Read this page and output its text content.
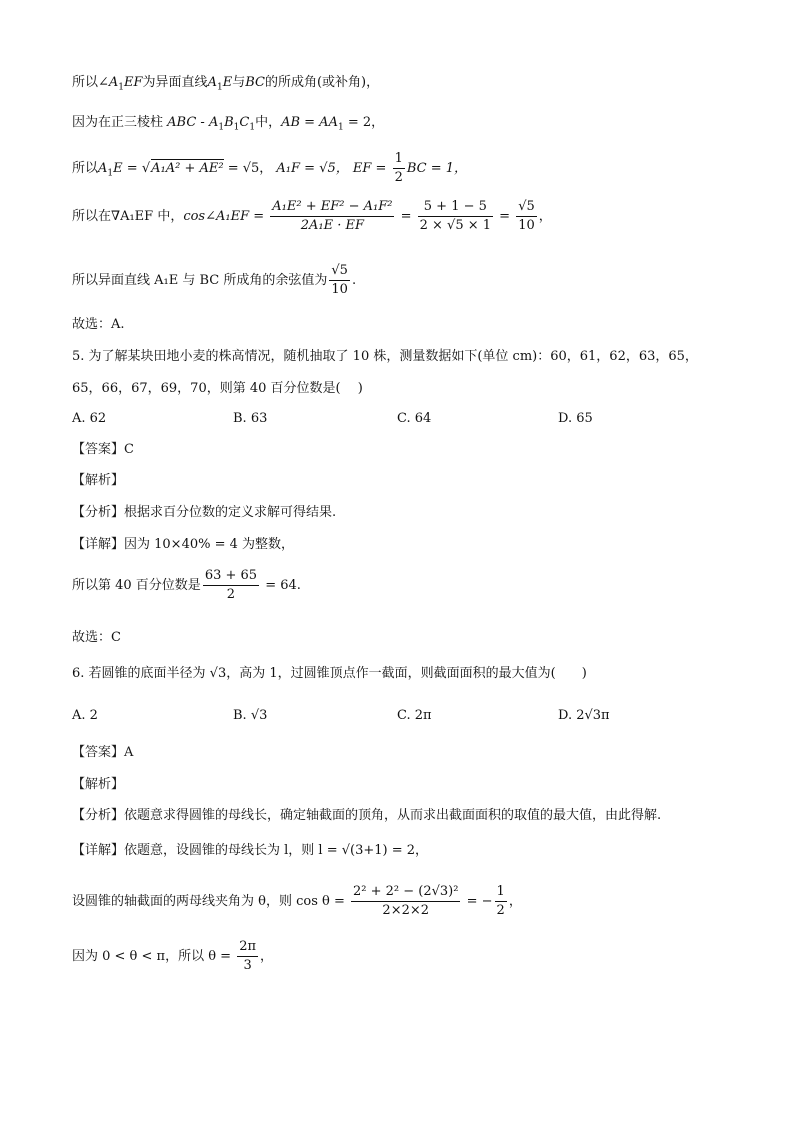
所以$\angle A_1EF$为异面直线$A_1E$与BC的所成角(或补角)，
因为在正三棱柱 ABC - $A_1B_1C_1$中，AB = $AA_1 = 2$，
所以$A_1E = √A_1A^2 + AE^2 = √5$， A₁F = √5， EF = $\frac{1}{2}$ BC = 1，
所以在∇A₁EF 中，cos∠A₁EF = $\frac{\text{A₁E² + EF² − A₁F²}}{\text{2A₁E · EF}} = \frac{5 + 1 - 5}{2 \times √5 \times 1} = \frac{√5}{10}$ ，
所以异面直线 A₁E 与 BC 所成角的余弦值为 $\frac{√5}{10}$ .
故选：A.
5. 为了解某块田地小麦的株高情况，随机抽取了 10 株，测量数据如下(单位 cm)：60，61，62，63，65，
65，66，67，69，70，则第 40 百分位数是(　 )
A. 62	B. 63	C. 64	D. 65
【答案】C
【解析】
【分析】根据求百分位数的定义求解可得结果.
【详解】因为 10×40% = 4 为整数，
所以第 40 百分位数是 $\frac{63 + 65}{2} = 64$.
故选：C
6. 若圆锥的底面半径为 √3，高为 1，过圆锥顶点作一截面，则截面面积的最大值为(　　)
A. 2	B. √3	C. 2π	D. 2√3π
【答案】A
【解析】
【分析】依题意求得圆锥的母线长，确定轴截面的顶角，从而求出截面面积的取值的最大值，由此得解.
【详解】依题意，设圆锥的母线长为 l，则 l = √(3+1) = 2，
设圆锥的轴截面的两母线夹角为 θ，则 $\cos \theta = \frac{\text{2² + 2² − (2√3)²}}{2\times 2\times 2}$ = − $\frac{1}{2}$ ，
因为 0 < θ < π，所以 $\theta = \frac{2\pi}{3}$ ，
